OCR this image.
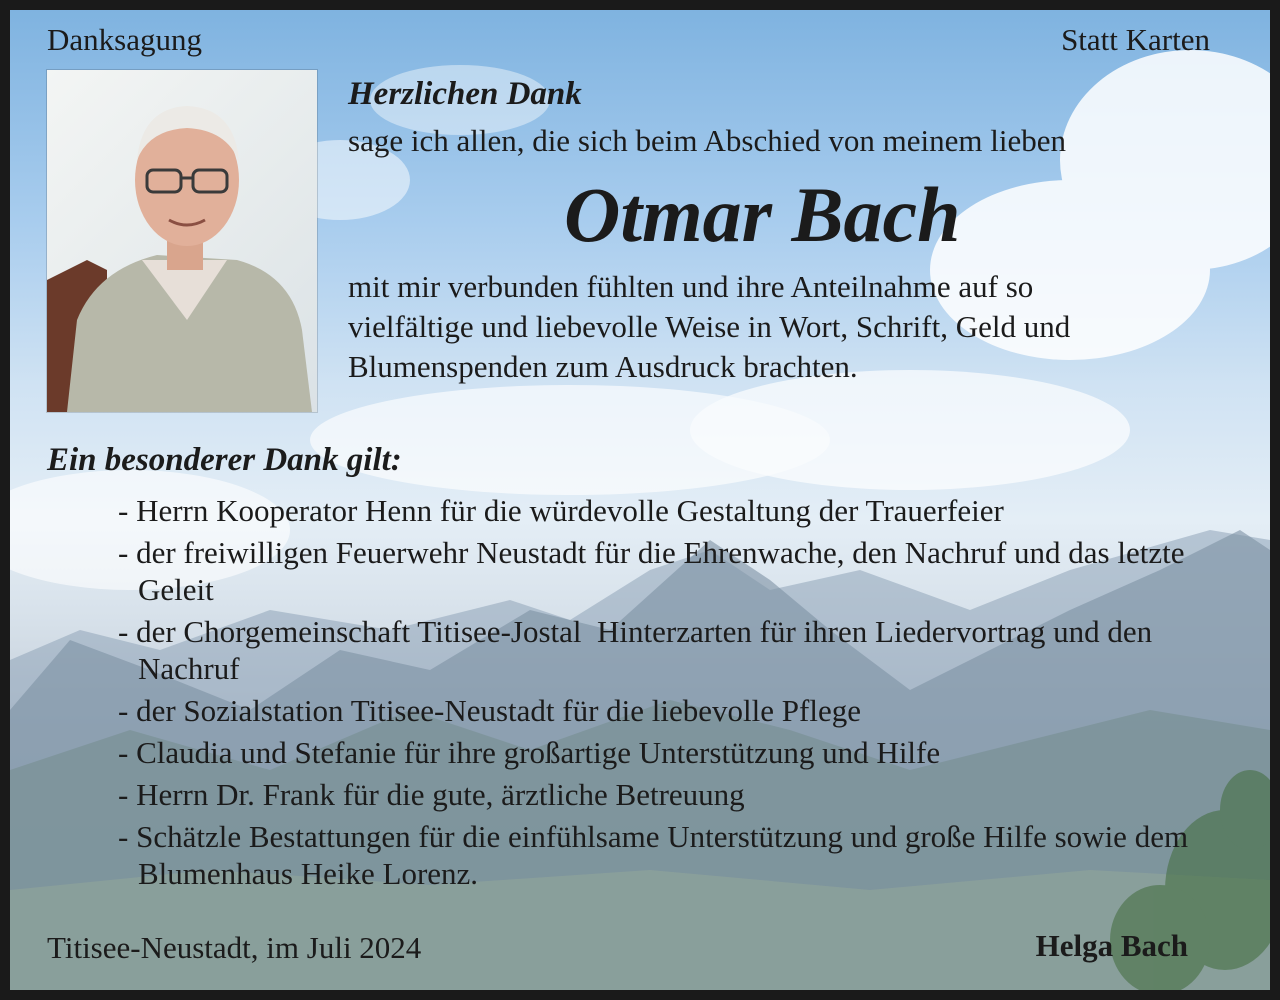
Danksagung	Statt Karten
Herzlichen Dank
sage ich allen, die sich beim Abschied von meinem lieben
Otmar Bach
mit mir verbunden fühlten und ihre Anteilnahme auf so
vielfältige und liebevolle Weise in Wort, Schrift, Geld und
Blumenspenden zum Ausdruck brachten.
Ein besonderer Dank gilt:
- Herrn Kooperator Henn für die würdevolle Gestaltung der Trauerfeier
- der freiwilligen Feuerwehr Neustadt für die Ehrenwache, den Nachruf und das letzte Geleit
- der Chorgemeinschaft Titisee-Jostal  Hinterzarten für ihren Liedervortrag und den Nachruf
- der Sozialstation Titisee-Neustadt für die liebevolle Pflege
- Claudia und Stefanie für ihre großartige Unterstützung und Hilfe
- Herrn Dr. Frank für die gute, ärztliche Betreuung
- Schätzle Bestattungen für die einfühlsame Unterstützung und große Hilfe sowie dem Blumenhaus Heike Lorenz.
Titisee-Neustadt, im Juli 2024	Helga Bach
